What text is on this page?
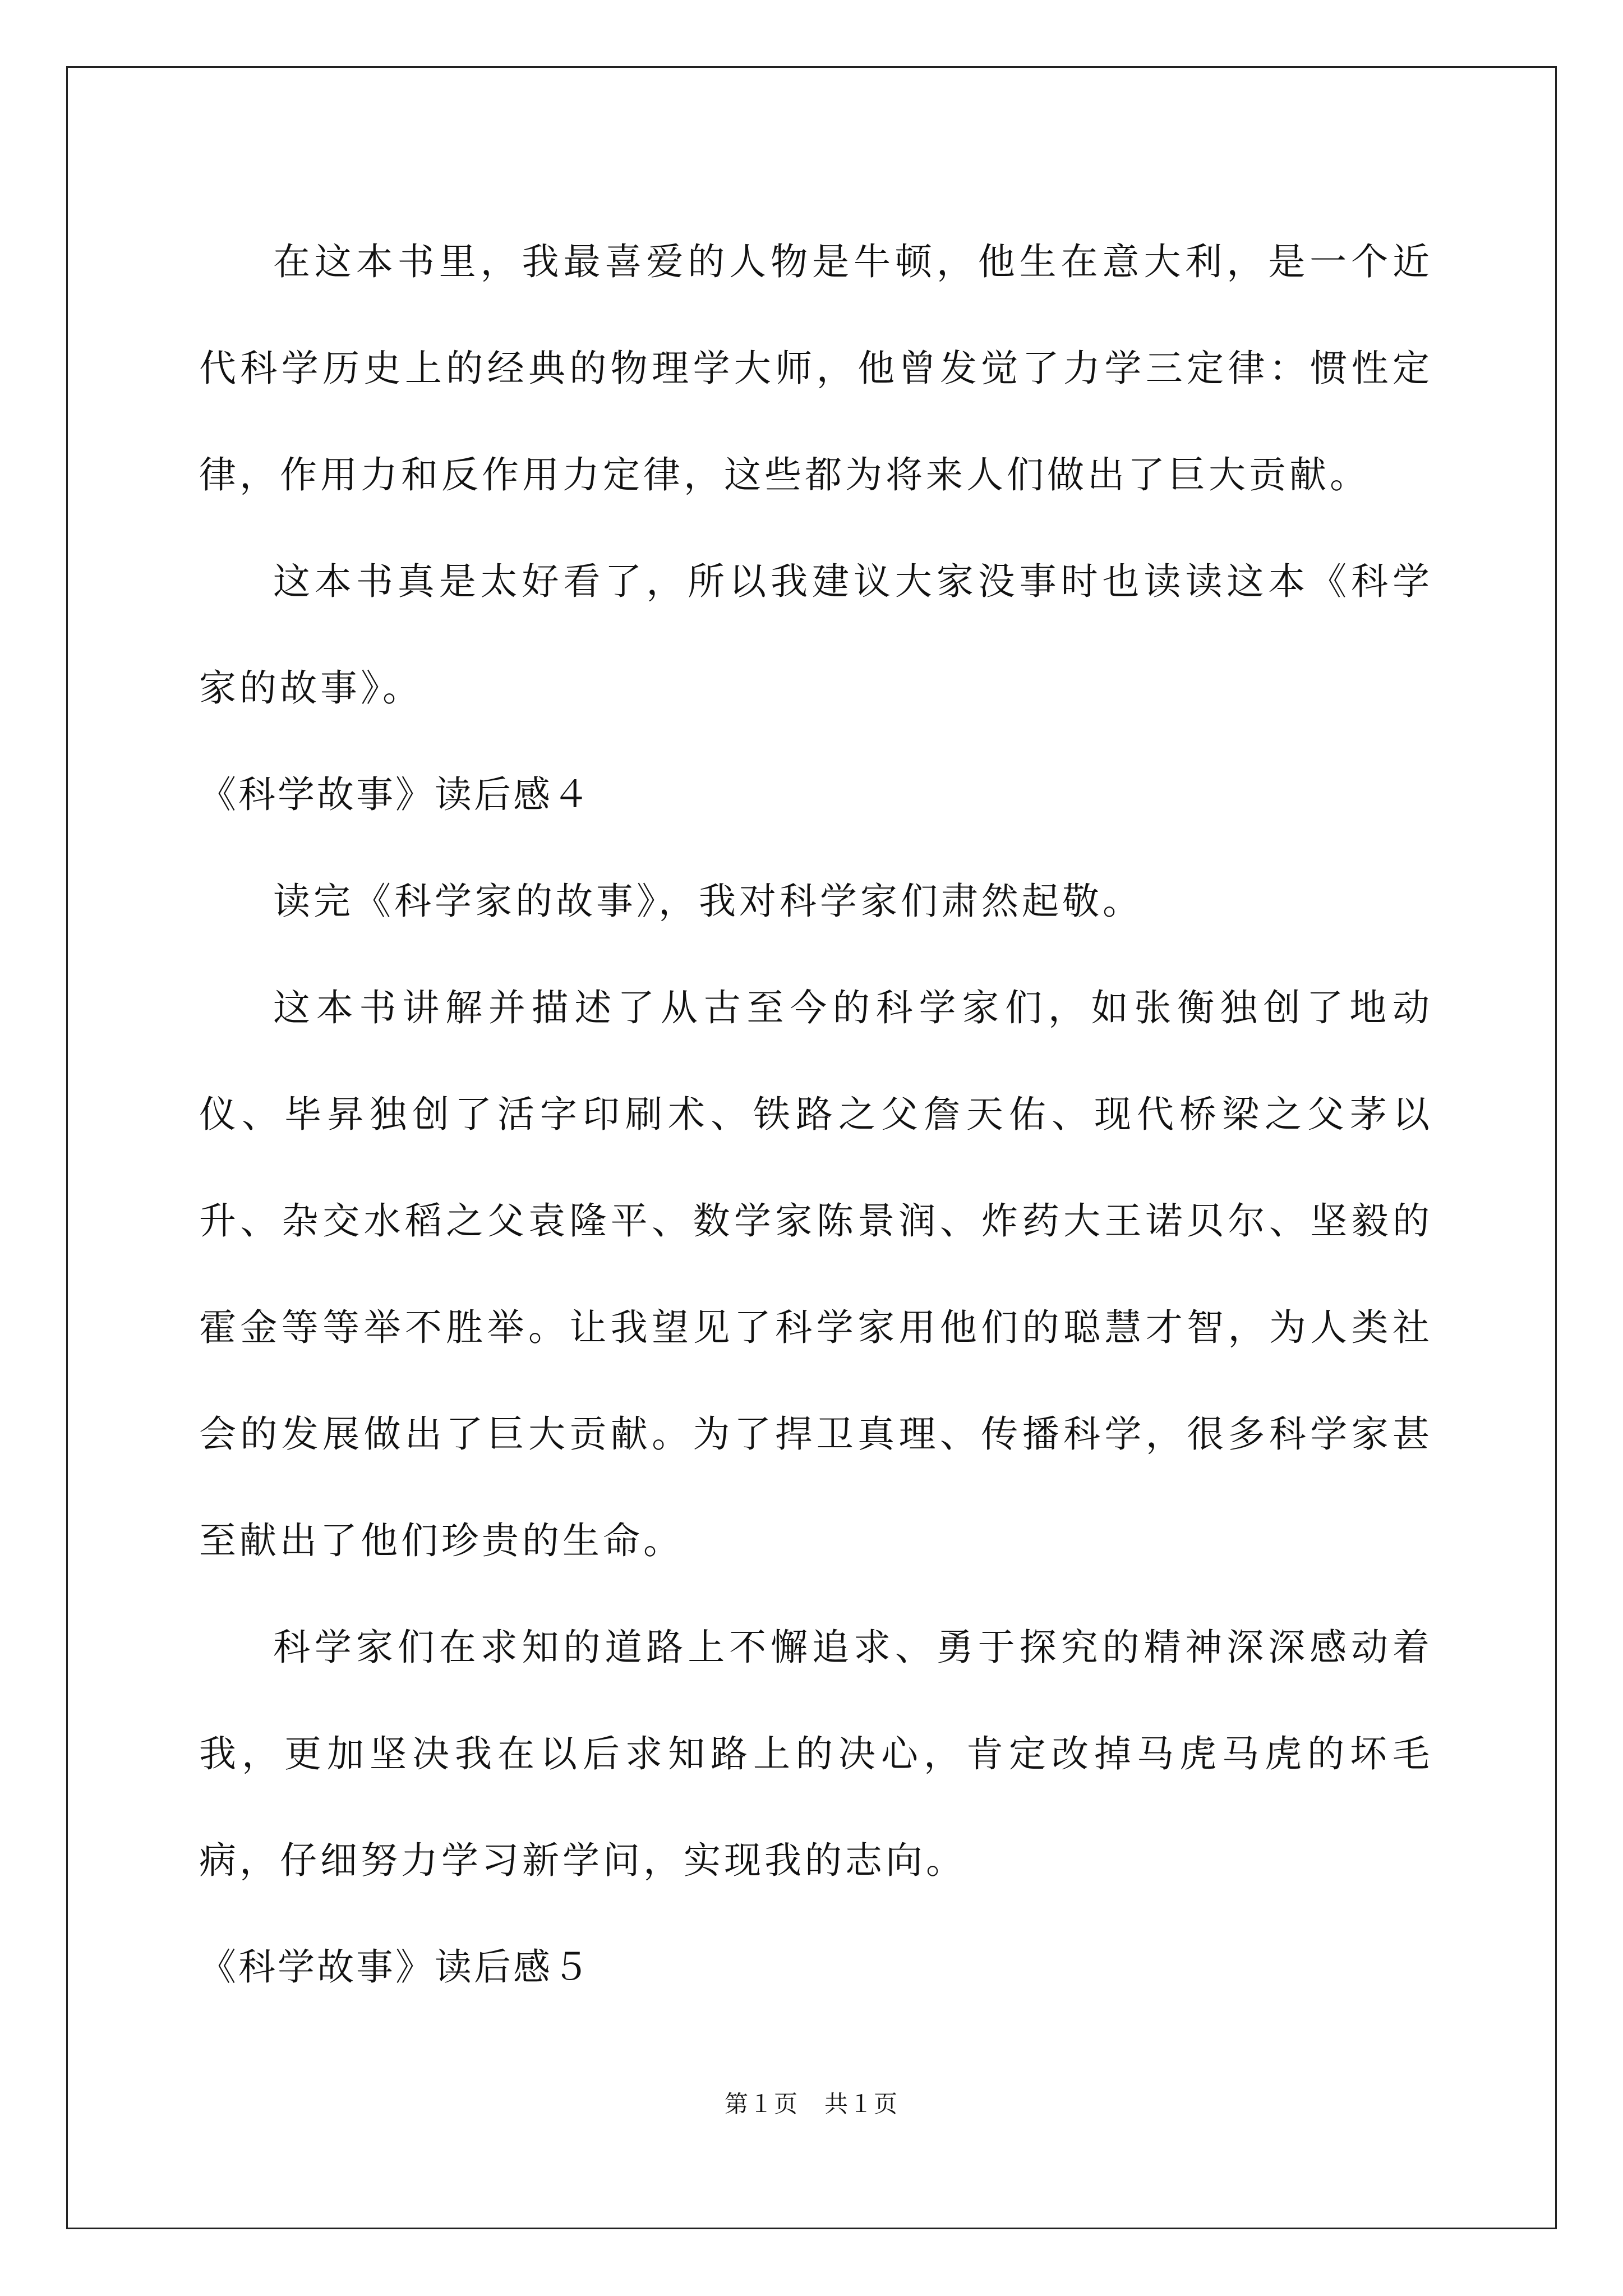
在这本书里，我最喜爱的人物是牛顿，他生在意大利，是一个近代科学历史上的经典的物理学大师，他曾发觉了力学三定律：惯性定律，作用力和反作用力定律，这些都为将来人们做出了巨大贡献。

这本书真是太好看了，所以我建议大家没事时也读读这本《科学家的故事》。

《科学故事》读后感４

读完《科学家的故事》，我对科学家们肃然起敬。

这本书讲解并描述了从古至今的科学家们，如张衡独创了地动仪、毕昇独创了活字印刷术、铁路之父詹天佑、现代桥梁之父茅以升、杂交水稻之父袁隆平、数学家陈景润、炸药大王诺贝尔、坚毅的霍金等等举不胜举。让我望见了科学家用他们的聪慧才智，为人类社会的发展做出了巨大贡献。为了捍卫真理、传播科学，很多科学家甚至献出了他们珍贵的生命。

科学家们在求知的道路上不懈追求、勇于探究的精神深深感动着我，更加坚决我在以后求知路上的决心，肯定改掉马虎马虎的坏毛病，仔细努力学习新学问，实现我的志向。

《科学故事》读后感５

第１页 共１页
